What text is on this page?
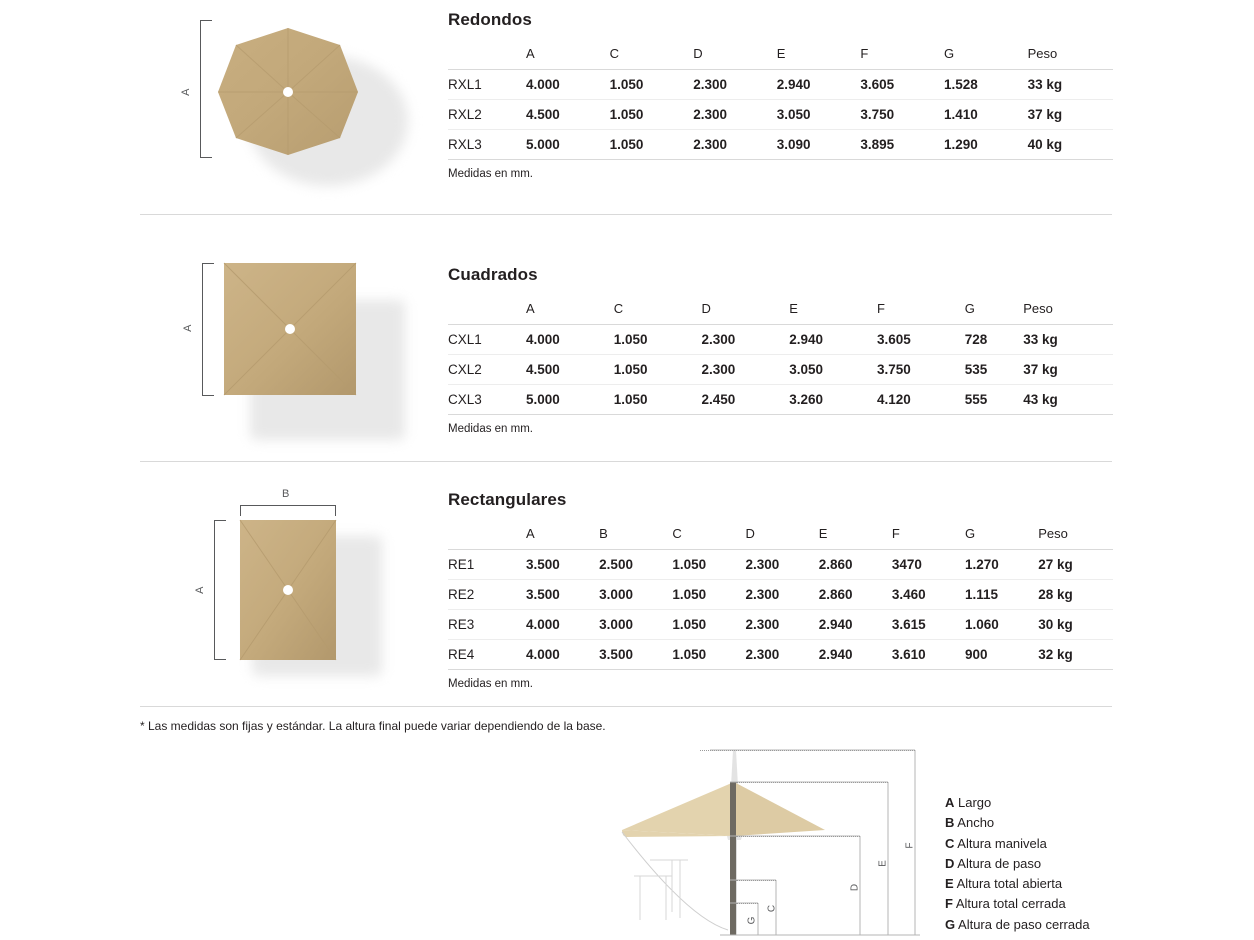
A
Redondos
	A	C	D	E	F	G	Peso
RXL1	4.000	1.050	2.300	2.940	3.605	1.528	33 kg
RXL2	4.500	1.050	2.300	3.050	3.750	1.410	37 kg
RXL3	5.000	1.050	2.300	3.090	3.895	1.290	40 kg
Medidas en mm.
A
Cuadrados
	A	C	D	E	F	G	Peso
CXL1	4.000	1.050	2.300	2.940	3.605	728	33 kg
CXL2	4.500	1.050	2.300	3.050	3.750	535	37 kg
CXL3	5.000	1.050	2.450	3.260	4.120	555	43 kg
Medidas en mm.
B
A
Rectangulares
	A	B	C	D	E	F	G	Peso
RE1	3.500	2.500	1.050	2.300	2.860	3470	1.270	27 kg
RE2	3.500	3.000	1.050	2.300	2.860	3.460	1.115	28 kg
RE3	4.000	3.000	1.050	2.300	2.940	3.615	1.060	30 kg
RE4	4.000	3.500	1.050	2.300	2.940	3.610	900	32 kg
Medidas en mm.
* Las medidas son fijas y estándar. La altura final puede variar dependiendo de la base.
F
E
D
C
G
A Largo
B Ancho
C Altura manivela
D Altura de paso
E Altura total abierta
F Altura total cerrada
G Altura de paso cerrada
